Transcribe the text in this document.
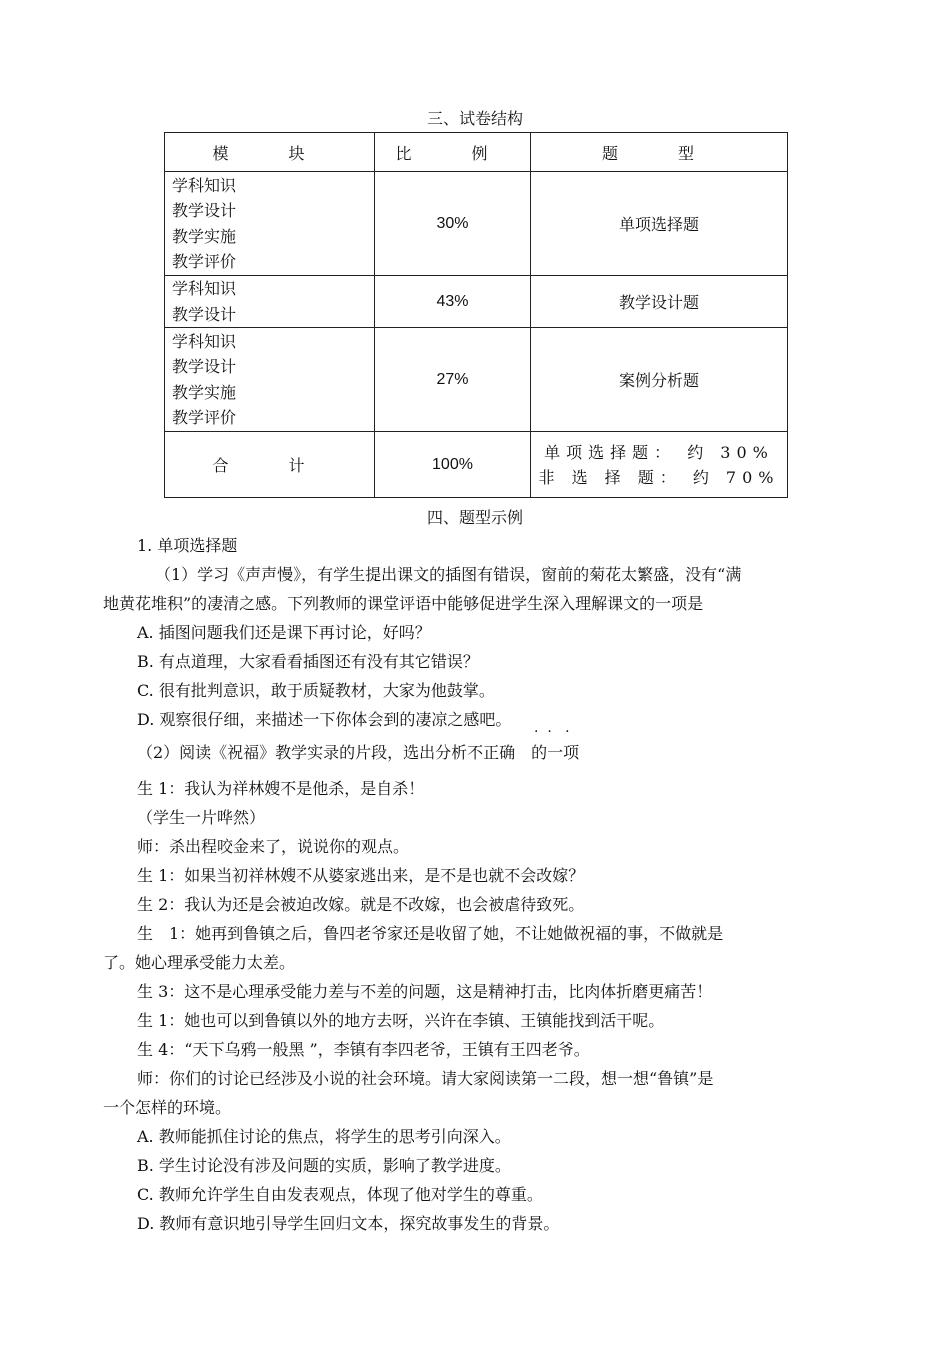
三、试卷结构
模　块	比　例	题　型

学科知识
教学设计
教学实施
教学评价	30%	单项选择题

学科知识
教学设计	43%	教学设计题

学科知识
教学设计
教学实施
教学评价	27%	案例分析题
合　计	100%	单项选择题： 约 30%
非 选 择 题： 约 70%
四、题型示例
1. 单项选择题
（1）学习《声声慢》，有学生提出课文的插图有错误，窗前的菊花太繁盛，没有“满
地黄花堆积”的凄清之感。下列教师的课堂评语中能够促进学生深入理解课文的一项是
A. 插图问题我们还是课下再讨论，好吗？
B. 有点道理，大家看看插图还有没有其它错误？
C. 很有批判意识，敢于质疑教材，大家为他鼓掌。
D. 观察很仔细，来描述一下你体会到的凄凉之感吧。
·  ·   ·
（2）阅读《祝福》教学实录的片段，选出分析不正确　的一项
生 1：我认为祥林嫂不是他杀，是自杀！
（学生一片哗然）
师：杀出程咬金来了，说说你的观点。
生 1：如果当初祥林嫂不从婆家逃出来，是不是也就不会改嫁？
生 2：我认为还是会被迫改嫁。就是不改嫁，也会被虐待致死。
生　1：她再到鲁镇之后，鲁四老爷家还是收留了她，不让她做祝福的事，不做就是
了。她心理承受能力太差。
生 3：这不是心理承受能力差与不差的问题，这是精神打击，比肉体折磨更痛苦！
生 1：她也可以到鲁镇以外的地方去呀，兴许在李镇、王镇能找到活干呢。
生 4：“天下乌鸦一般黑 ”，李镇有李四老爷，王镇有王四老爷。
师：你们的讨论已经涉及小说的社会环境。请大家阅读第一二段，想一想“鲁镇”是
一个怎样的环境。
A. 教师能抓住讨论的焦点，将学生的思考引向深入。
B. 学生讨论没有涉及问题的实质，影响了教学进度。
C. 教师允许学生自由发表观点，体现了他对学生的尊重。
D. 教师有意识地引导学生回归文本，探究故事发生的背景。
